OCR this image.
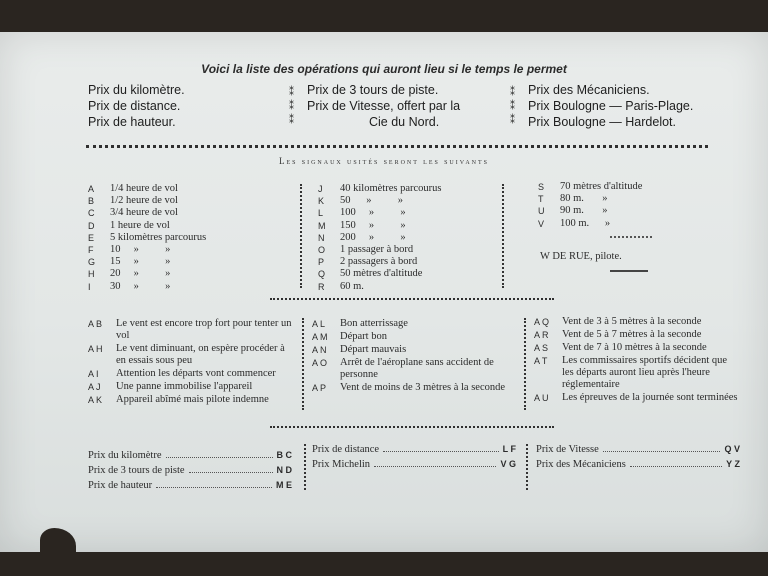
Voici la liste des opérations qui auront lieu si le temps le permet
Prix du kilomètre.
Prix de distance.
Prix de hauteur.
⁑
⁑
⁑
Prix de 3 tours de piste.
Prix de Vitesse, offert par la
Cie du Nord.
⁑
⁑
⁑
Prix des Mécaniciens.
Prix Boulogne — Paris-Plage.
Prix Boulogne — Hardelot.
Les signaux usités seront les suivants
A	1/4 heure de vol
B	1/2 heure de vol
C	3/4 heure de vol
D	1 heure de vol
E	5 kilomètres parcourus
F	10     »          »
G	15     »          »
H	20     »          »
I	30     »          »
J	40 kilomètres parcourus
K	50      »          »
L	100     »          »
M	150     »          »
N	200     »          »
O	1 passager à bord
P	2 passagers à bord
Q	50 mètres d'altitude
R	60 m.
S	70 mètres d'altitude
T	80 m.       »
U	90 m.       »
V	100 m.      »
W DE RUE, pilote.
A B	Le vent est encore trop fort pour tenter un vol
A H	Le vent diminuant, on espère procéder à en essais sous peu
A I	Attention les départs vont commencer
A J	Une panne immobilise l'appareil
A K	Appareil abîmé mais pilote indemne
A L	Bon atterrissage
A M	Départ bon
A N	Départ mauvais
A O	Arrêt de l'aéroplane sans accident de personne
A P	Vent de moins de 3 mètres à la seconde
A Q	Vent de 3 à 5 mètres à la seconde
A R	Vent de 5 à 7 mètres à la seconde
A S	Vent de 7 à 10 mètres à la seconde
A T	Les commissaires sportifs décident que les départs auront lieu après l'heure réglementaire
A U	Les épreuves de la journée sont terminées
Prix du kilomètre	B C
Prix de 3 tours de piste	N D
Prix de hauteur	M E
Prix de distance	L F
Prix Michelin	V G
Prix de Vitesse	Q V
Prix des Mécaniciens	Y Z
